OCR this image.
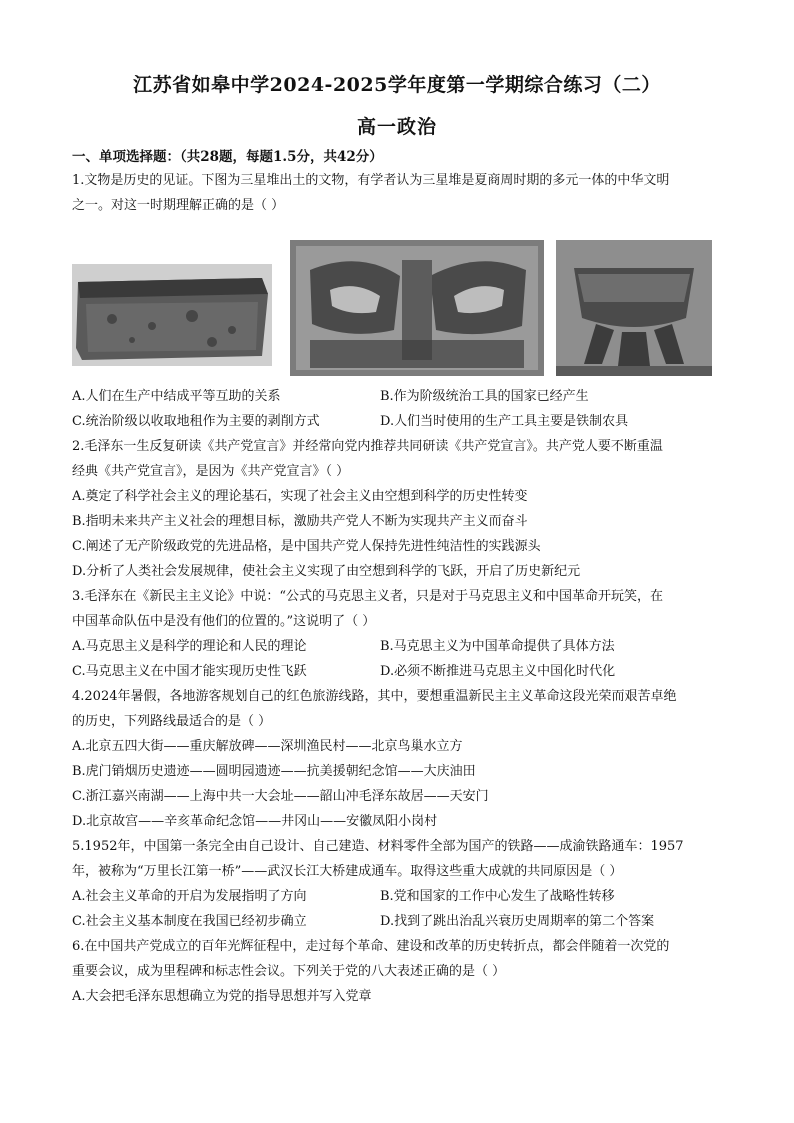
江苏省如皋中学2024-2025学年度第一学期综合练习（二）
高一政治
一、单项选择题：（共28题，每题1.5分，共42分）
1.文物是历史的见证。下图为三星堆出土的文物，有学者认为三星堆是夏商周时期的多元一体的中华文明
之一。对这一时期理解正确的是（ ）
A.人们在生产中结成平等互助的关系	B.作为阶级统治工具的国家已经产生
C.统治阶级以收取地租作为主要的剥削方式	D.人们当时使用的生产工具主要是铁制农具
2.毛泽东一生反复研读《共产党宣言》并经常向党内推荐共同研读《共产党宣言》。共产党人要不断重温
经典《共产党宣言》，是因为《共产党宣言》（ ）
A.奠定了科学社会主义的理论基石，实现了社会主义由空想到科学的历史性转变
B.指明未来共产主义社会的理想目标，激励共产党人不断为实现共产主义而奋斗
C.阐述了无产阶级政党的先进品格，是中国共产党人保持先进性纯洁性的实践源头
D.分析了人类社会发展规律，使社会主义实现了由空想到科学的飞跃，开启了历史新纪元
3.毛泽东在《新民主主义论》中说：“公式的马克思主义者，只是对于马克思主义和中国革命开玩笑，在
中国革命队伍中是没有他们的位置的。”这说明了（ ）
A.马克思主义是科学的理论和人民的理论	B.马克思主义为中国革命提供了具体方法
C.马克思主义在中国才能实现历史性飞跃	D.必须不断推进马克思主义中国化时代化
4.2024年暑假，各地游客规划自己的红色旅游线路，其中，要想重温新民主主义革命这段光荣而艰苦卓绝
的历史，下列路线最适合的是（ ）
A.北京五四大街——重庆解放碑——深圳渔民村——北京鸟巢水立方
B.虎门销烟历史遗迹——圆明园遗迹——抗美援朝纪念馆——大庆油田
C.浙江嘉兴南湖——上海中共一大会址——韶山冲毛泽东故居——天安门
D.北京故宫——辛亥革命纪念馆——井冈山——安徽凤阳小岗村
5.1952年，中国第一条完全由自己设计、自己建造、材料零件全部为国产的铁路——成渝铁路通车：1957
年，被称为“万里长江第一桥”——武汉长江大桥建成通车。取得这些重大成就的共同原因是（ ）
A.社会主义革命的开启为发展指明了方向	B.党和国家的工作中心发生了战略性转移
C.社会主义基本制度在我国已经初步确立	D.找到了跳出治乱兴衰历史周期率的第二个答案
6.在中国共产党成立的百年光辉征程中，走过每个革命、建设和改革的历史转折点，都会伴随着一次党的
重要会议，成为里程碑和标志性会议。下列关于党的八大表述正确的是（ ）
A.大会把毛泽东思想确立为党的指导思想并写入党章
